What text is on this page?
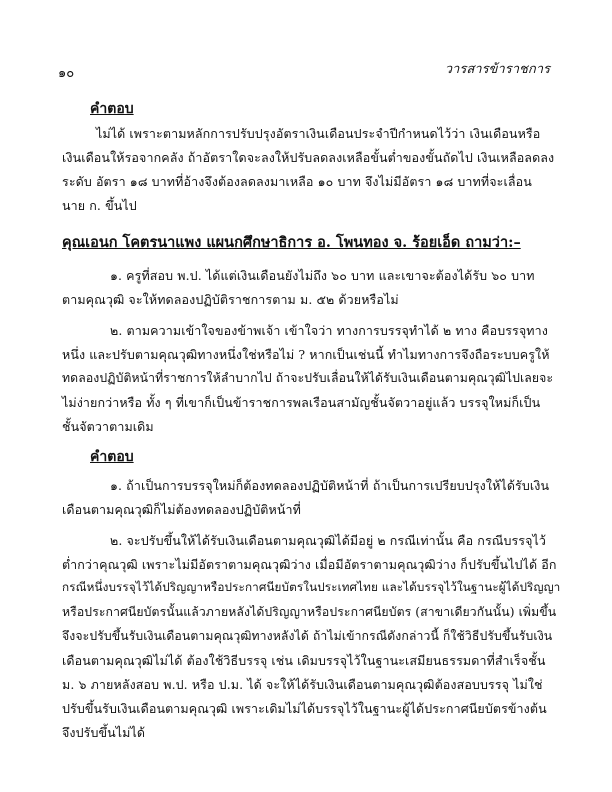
๑๐	วารสารข้าราชการ
คำตอบ
ไม่ได้ เพราะตามหลักการปรับปรุงอัตราเงินเดือนประจำปีกำหนดไว้ว่า เงินเดือนหรือ
เงินเดือนให้รอจากคลัง ถ้าอัตราใดจะลงให้ปรับลดลงเหลือขั้นต่ำของขั้นถัดไป เงินเหลือลดลง
ระดับ อัตรา ๑๘ บาทที่อ้างจึงต้องลดลงมาเหลือ ๑๐ บาท จึงไม่มีอัตรา ๑๘ บาทที่จะเลื่อน
นาย ก. ขึ้นไป
คุณเอนก โคตรนาแพง แผนกศึกษาธิการ อ. โพนทอง จ. ร้อยเอ็ด ถามว่า:–
๑. ครูที่สอบ พ.ป. ได้แต่เงินเดือนยังไม่ถึง ๖๐ บาท และเขาจะต้องได้รับ ๖๐ บาท
ตามคุณวุฒิ จะให้ทดลองปฏิบัติราชการตาม ม. ๕๒ ด้วยหรือไม่
๒. ตามความเข้าใจของข้าพเจ้า เข้าใจว่า ทางการบรรจุทำได้ ๒ ทาง คือบรรจุทาง
หนึ่ง และปรับตามคุณวุฒิทางหนึ่งใช่หรือไม่ ? หากเป็นเช่นนี้ ทำไมทางการจึงถือระบบครูให้
ทดลองปฏิบัติหน้าที่ราชการให้ลำบากไป ถ้าจะปรับเลื่อนให้ได้รับเงินเดือนตามคุณวุฒิไปเลยจะ
ไม่ง่ายกว่าหรือ ทั้ง ๆ ที่เขาก็เป็นข้าราชการพลเรือนสามัญชั้นจัตวาอยู่แล้ว บรรจุใหม่ก็เป็น
ชั้นจัตวาตามเดิม
คำตอบ
๑. ถ้าเป็นการบรรจุใหม่ก็ต้องทดลองปฏิบัติหน้าที่ ถ้าเป็นการเปรียบปรุงให้ได้รับเงิน
เดือนตามคุณวุฒิก็ไม่ต้องทดลองปฏิบัติหน้าที่
๒. จะปรับขึ้นให้ได้รับเงินเดือนตามคุณวุฒิได้มีอยู่ ๒ กรณีเท่านั้น คือ กรณีบรรจุไว้
ต่ำกว่าคุณวุฒิ เพราะไม่มีอัตราตามคุณวุฒิว่าง เมื่อมีอัตราตามคุณวุฒิว่าง ก็ปรับขึ้นไปได้ อีก
กรณีหนึ่งบรรจุไว้ได้ปริญญาหรือประกาศนียบัตรในประเทศไทย และได้บรรจุไว้ในฐานะผู้ได้ปริญญา
หรือประกาศนียบัตรนั้นแล้วภายหลังได้ปริญญาหรือประกาศนียบัตร (สาขาเดียวกันนั้น) เพิ่มขึ้น
จึงจะปรับขึ้นรับเงินเดือนตามคุณวุฒิทางหลังได้ ถ้าไม่เข้ากรณีดังกล่าวนี้ ก็ใช้วิธีปรับขึ้นรับเงิน
เดือนตามคุณวุฒิไม่ได้ ต้องใช้วิธีบรรจุ เช่น เดิมบรรจุไว้ในฐานะเสมียนธรรมดาที่สำเร็จชั้น
ม. ๖ ภายหลังสอบ พ.ป. หรือ ป.ม. ได้ จะให้ได้รับเงินเดือนตามคุณวุฒิต้องสอบบรรจุ ไม่ใช่
ปรับขึ้นรับเงินเดือนตามคุณวุฒิ เพราะเดิมไม่ได้บรรจุไว้ในฐานะผู้ได้ประกาศนียบัตรข้างต้น
จึงปรับขึ้นไม่ได้
